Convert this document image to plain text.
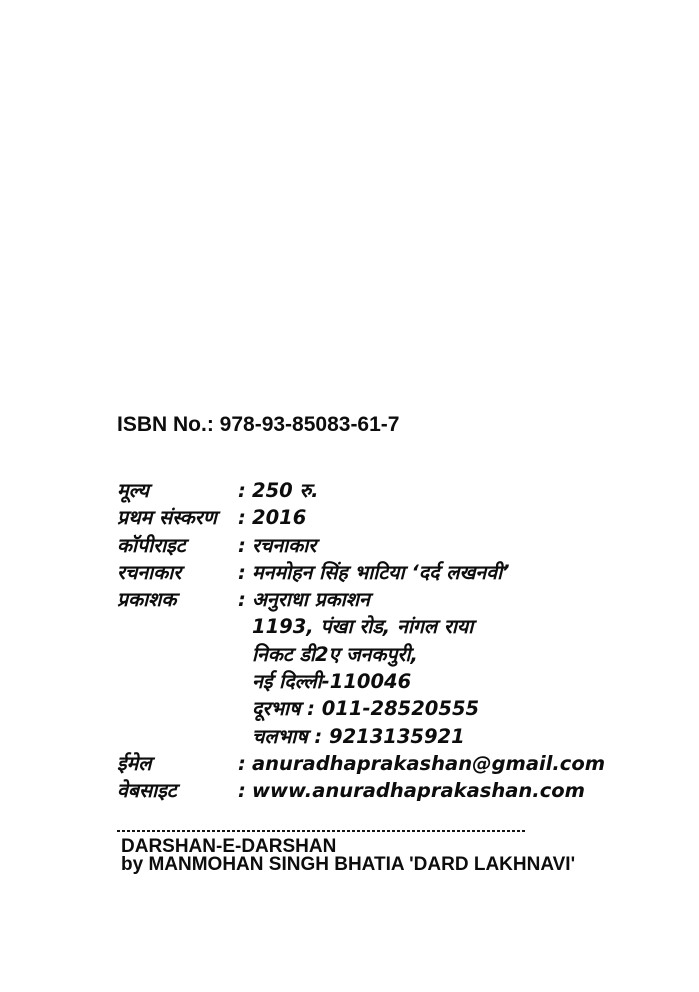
ISBN No.: 978-93-85083-61-7
मूल्य	: 250 रु.
प्रथम संस्करण	: 2016
कॉपीराइट	: रचनाकार
रचनाकार	: मनमोहन सिंह भाटिया ‘दर्द लखनवी’
प्रकाशक	: अनुराधा प्रकाशन
1193, पंखा रोड, नांगल राया
निकट डी2ए जनकपुरी,
नई दिल्ली-110046
दूरभाष : 011-28520555
चलभाष : 9213135921
ईमेल	: anuradhaprakashan@gmail.com
वेबसाइट	: www.anuradhaprakashan.com
DARSHAN-E-DARSHAN
by MANMOHAN SINGH BHATIA 'DARD LAKHNAVI'
